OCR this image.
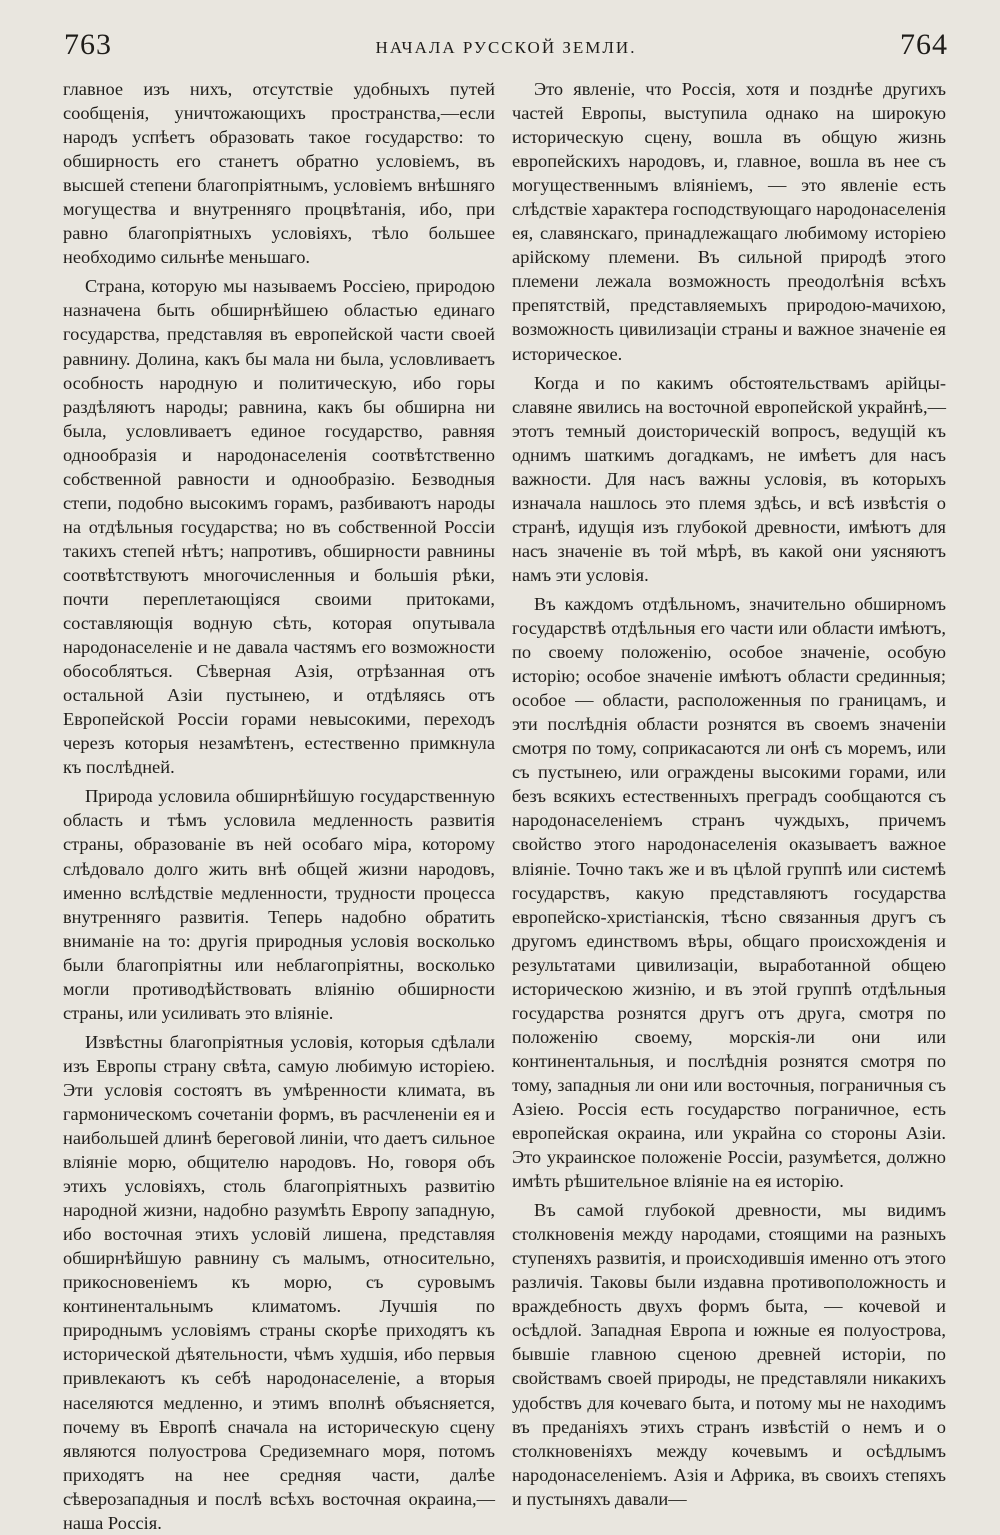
763	НАЧАЛА РУССКОЙ ЗЕМЛИ.	764

главное изъ нихъ, отсутствіе удобныхъ путей сообщенія, уничтожающихъ пространства,—если народъ успѣетъ образовать такое государство: то обширность его станетъ обратно условіемъ, въ высшей степени благопріятнымъ, условіемъ внѣшняго могущества и внутренняго процвѣтанія, ибо, при равно благопріятныхъ условіяхъ, тѣло большее необходимо сильнѣе меньшаго.

Страна, которую мы называемъ Россіею, природою назначена быть обширнѣйшею областью единаго государства, представляя въ европейской части своей равнину. Долина, какъ бы мала ни была, условливаетъ особность народную и политическую, ибо горы раздѣляютъ народы; равнина, какъ бы обширна ни была, условливаетъ единое государство, равняя однообразія и народонаселенія соотвѣтственно собственной равности и однообразію. Безводныя степи, подобно высокимъ горамъ, разбиваютъ народы на отдѣльныя государства; но въ собственной Россіи такихъ степей нѣтъ; напротивъ, обширности равнины соотвѣтствуютъ многочисленныя и большія рѣки, почти переплетающіяся своими притоками, составляющія водную сѣть, которая опутывала народонаселеніе и не давала частямъ его возможности обособляться. Сѣверная Азія, отрѣзанная отъ остальной Азіи пустынею, и отдѣляясь отъ Европейской Россіи горами невысокими, переходъ черезъ которыя незамѣтенъ, естественно примкнула къ послѣдней.

Природа условила обширнѣйшую государственную область и тѣмъ условила медленность развитія страны, образованіе въ ней особаго міра, которому слѣдовало долго жить внѣ общей жизни народовъ, именно вслѣдствіе медленности, трудности процесса внутренняго развитія. Теперь надобно обратить вниманіе на то: другія природныя условія восколько были благопріятны или неблагопріятны, восколько могли противодѣйствовать вліянію обширности страны, или усиливать это вліяніе.

Извѣстны благопріятныя условія, которыя сдѣлали изъ Европы страну свѣта, самую любимую исторіею. Эти условія состоятъ въ умѣренности климата, въ гармоническомъ сочетаніи формъ, въ расчлененіи ея и наибольшей длинѣ береговой линіи, что даетъ сильное вліяніе морю, общителю народовъ. Но, говоря объ этихъ условіяхъ, столь благопріятныхъ развитію народной жизни, надобно разумѣть Европу западную, ибо восточная этихъ условій лишена, представляя обширнѣйшую равнину съ малымъ, относительно, прикосновеніемъ къ морю, съ суровымъ континентальнымъ климатомъ. Лучшія по природнымъ условіямъ страны скорѣе приходятъ къ исторической дѣятельности, чѣмъ худшія, ибо первыя привлекаютъ къ себѣ народонаселеніе, а вторыя населяются медленно, и этимъ вполнѣ объясняется, почему въ Европѣ сначала на историческую сцену являются полуострова Средиземнаго моря, потомъ приходятъ на нее средняя части, далѣе сѣверозападныя и послѣ всѣхъ восточная окраина,—наша Россія.

Это явленіе, что Россія, хотя и позднѣе другихъ частей Европы, выступила однако на широкую историческую сцену, вошла въ общую жизнь европейскихъ народовъ, и, главное, вошла въ нее съ могущественнымъ вліяніемъ, — это явленіе есть слѣдствіе характера господствующаго народонаселенія ея, славянскаго, принадлежащаго любимому исторіею арійскому племени. Въ сильной природѣ этого племени лежала возможность преодолѣнія всѣхъ препятствій, представляемыхъ природою-мачихою, возможность цивилизаціи страны и важное значеніе ея историческое.

Когда и по какимъ обстоятельствамъ арійцы-славяне явились на восточной европейской украйнѣ,—этотъ темный доисторическій вопросъ, ведущій къ однимъ шаткимъ догадкамъ, не имѣетъ для насъ важности. Для насъ важны условія, въ которыхъ изначала нашлось это племя здѣсь, и всѣ извѣстія о странѣ, идущія изъ глубокой древности, имѣютъ для насъ значеніе въ той мѣрѣ, въ какой они уясняютъ намъ эти условія.

Въ каждомъ отдѣльномъ, значительно обширномъ государствѣ отдѣльныя его части или области имѣютъ, по своему положенію, особое значеніе, особую исторію; особое значеніе имѣютъ области срединныя; особое — области, расположенныя по границамъ, и эти послѣднія области рознятся въ своемъ значеніи смотря по тому, соприкасаются ли онѣ съ моремъ, или съ пустынею, или ограждены высокими горами, или безъ всякихъ естественныхъ преградъ сообщаются съ народонаселеніемъ странъ чуждыхъ, причемъ свойство этого народонаселенія оказываетъ важное вліяніе. Точно такъ же и въ цѣлой группѣ или системѣ государствъ, какую представляютъ государства европейско-христіанскія, тѣсно связанныя другъ съ другомъ единствомъ вѣры, общаго происхожденія и результатами цивилизаціи, выработанной общею историческою жизнію, и въ этой группѣ отдѣльныя государства рознятся другъ отъ друга, смотря по положенію своему, морскія-ли они или континентальныя, и послѣднія рознятся смотря по тому, западныя ли они или восточныя, пограничныя съ Азіею. Россія есть государство пограничное, есть европейская окраина, или украйна со стороны Азіи. Это украинское положеніе Россіи, разумѣется, должно имѣть рѣшительное вліяніе на ея исторію.

Въ самой глубокой древности, мы видимъ столкновенія между народами, стоящими на разныхъ ступеняхъ развитія, и происходившія именно отъ этого различія. Таковы были издавна противоположность и враждебность двухъ формъ быта, — кочевой и осѣдлой. Западная Европа и южные ея полуострова, бывшіе главною сценою древней исторіи, по свойствамъ своей природы, не представляли никакихъ удобствъ для кочеваго быта, и потому мы не находимъ въ преданіяхъ этихъ странъ извѣстій о немъ и о столкновеніяхъ между кочевымъ и осѣдлымъ народонаселеніемъ. Азія и Африка, въ своихъ степяхъ и пустыняхъ давали—
